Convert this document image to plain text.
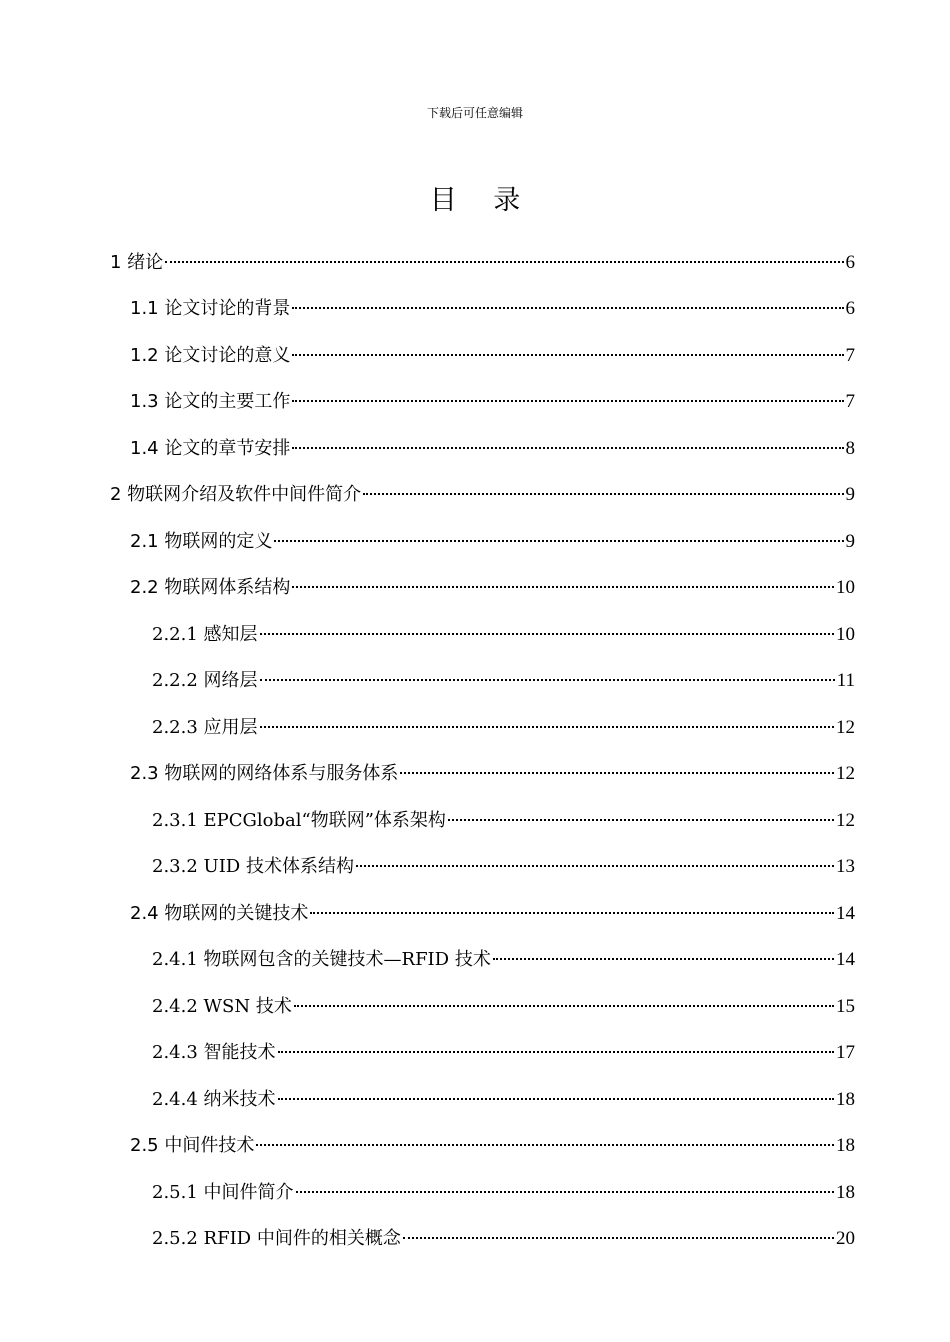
下载后可任意编辑
目 录
1 绪论	6
1.1 论文讨论的背景	6
1.2 论文讨论的意义	7
1.3 论文的主要工作	7
1.4 论文的章节安排	8
2 物联网介绍及软件中间件简介	9
2.1 物联网的定义	9
2.2 物联网体系结构	10
2.2.1 感知层	10
2.2.2 网络层	11
2.2.3 应用层	12
2.3 物联网的网络体系与服务体系	12
2.3.1 EPCGlobal“物联网”体系架构	12
2.3.2 UID 技术体系结构	13
2.4 物联网的关键技术	14
2.4.1 物联网包含的关键技术—RFID 技术	14
2.4.2 WSN 技术	15
2.4.3 智能技术	17
2.4.4 纳米技术	18
2.5 中间件技术	18
2.5.1 中间件简介	18
2.5.2 RFID 中间件的相关概念	20
